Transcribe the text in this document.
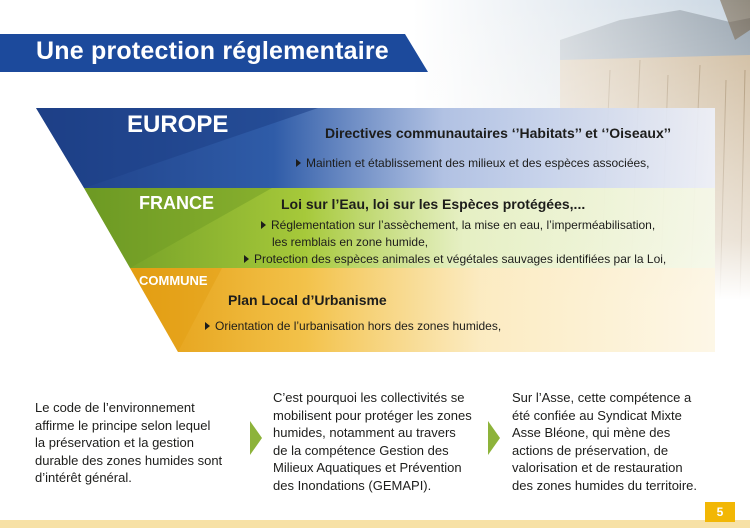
Une protection réglementaire
EUROPE
FRANCE
COMMUNE
Directives communautaires ‘’Habitats’’ et ‘’Oiseaux’’
Loi sur l’Eau, loi sur les Espèces protégées,...
Plan Local d’Urbanisme
Maintien et établissement des milieux et des espèces associées,
Réglementation sur l’assèchement, la mise en eau, l’imperméabilisation,
les remblais en zone humide,
Protection des espèces animales et végétales sauvages identifiées par la Loi,
Orientation de l’urbanisation hors des zones humides,
Le code de l’environnement
affirme le principe selon lequel
la préservation et la gestion
durable des zones humides sont
d’intérêt général.
C’est pourquoi les collectivités se
mobilisent pour protéger les zones
humides, notamment au travers
de la compétence Gestion des
Milieux Aquatiques et Prévention
des Inondations (GEMAPI).
Sur l’Asse, cette compétence a
été confiée au Syndicat Mixte
Asse Bléone, qui mène des
actions de préservation, de
valorisation et de restauration
des zones humides du territoire.
5
